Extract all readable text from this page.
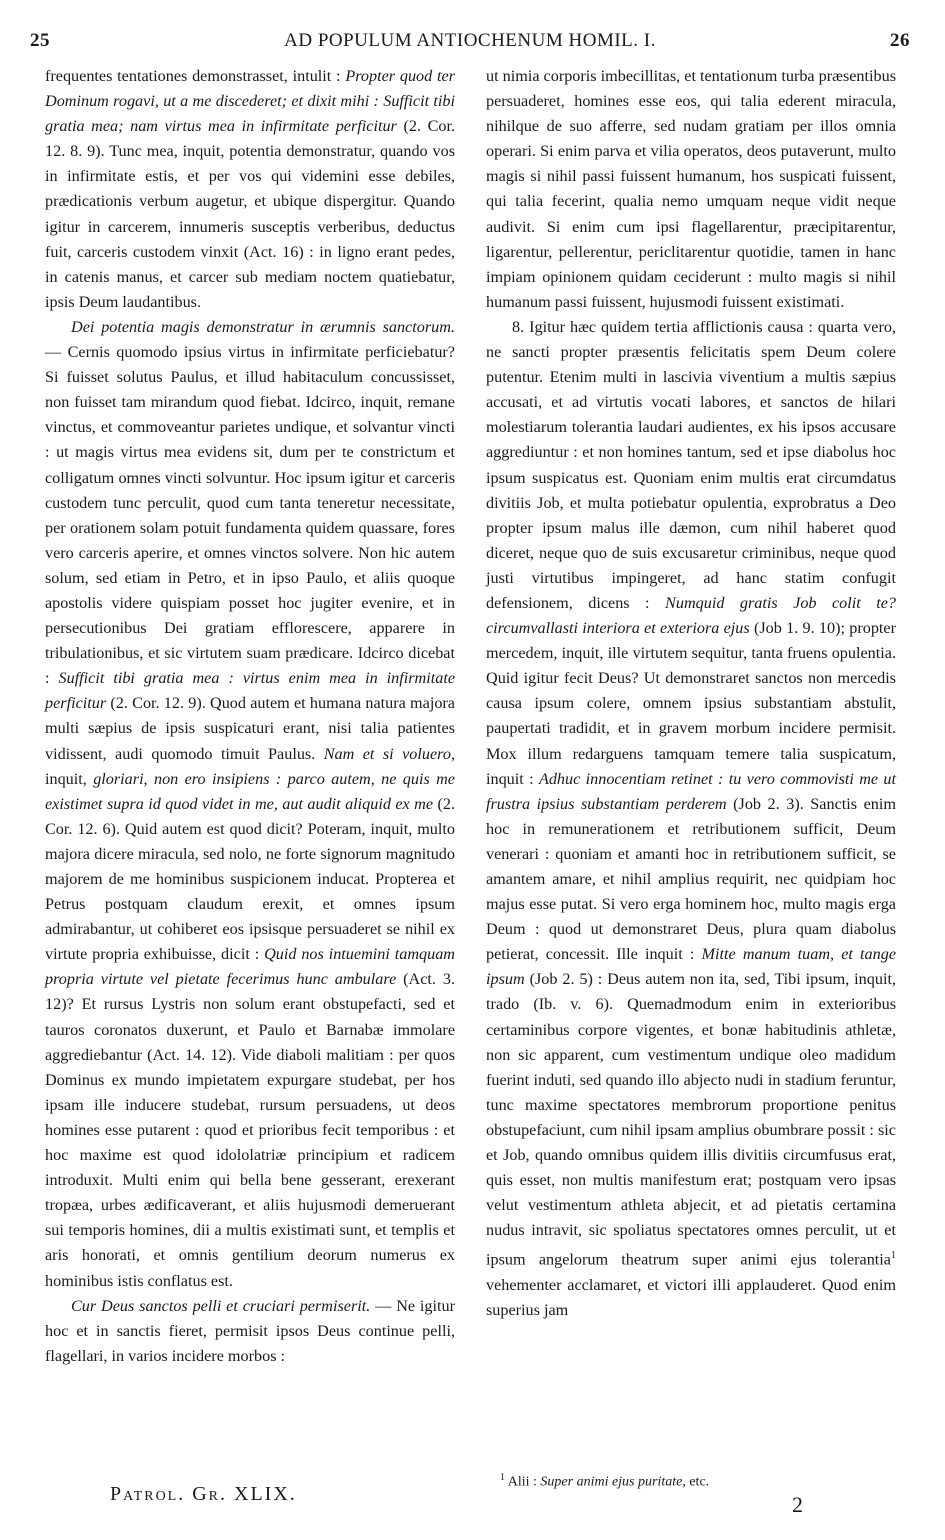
25	AD POPULUM ANTIOCHENUM HOMIL. I.	26

frequentes tentationes demonstrasset, intulit : Propter quod ter Dominum rogavi, ut a me discederet; et dixit mihi : Sufficit tibi gratia mea; nam virtus mea in infirmitate perficitur (2. Cor. 12. 8. 9). Tunc mea, inquit, potentia demonstratur, quando vos in infirmitate estis, et per vos qui videmini esse debiles, prædicationis verbum augetur, et ubique dispergitur. Quando igitur in carcerem, innumeris susceptis verberibus, deductus fuit, carceris custodem vinxit (Act. 16) : in ligno erant pedes, in catenis manus, et carcer sub mediam noctem quatiebatur, ipsis Deum laudantibus.

Dei potentia magis demonstratur in ærumnis sanctorum. — Cernis quomodo ipsius virtus in infirmitate perficiebatur? Si fuisset solutus Paulus, et illud habitaculum concussisset, non fuisset tam mirandum quod fiebat. Idcirco, inquit, remane vinctus, et commoveantur parietes undique, et solvantur vincti : ut magis virtus mea evidens sit, dum per te constrictum et colligatum omnes vincti solvuntur. Hoc ipsum igitur et carceris custodem tunc perculit, quod cum tanta teneretur necessitate, per orationem solam potuit fundamenta quidem quassare, fores vero carceris aperire, et omnes vinctos solvere. Non hic autem solum, sed etiam in Petro, et in ipso Paulo, et aliis quoque apostolis videre quispiam posset hoc jugiter evenire, et in persecutionibus Dei gratiam efflorescere, apparere in tribulationibus, et sic virtutem suam prædicare. Idcirco dicebat : Sufficit tibi gratia mea : virtus enim mea in infirmitate perficitur (2. Cor. 12. 9). Quod autem et humana natura majora multi sæpius de ipsis suspicaturi erant, nisi talia patientes vidissent, audi quomodo timuit Paulus. Nam et si voluero, inquit, gloriari, non ero insipiens : parco autem, ne quis me existimet supra id quod videt in me, aut audit aliquid ex me (2. Cor. 12. 6). Quid autem est quod dicit? Poteram, inquit, multo majora dicere miracula, sed nolo, ne forte signorum magnitudo majorem de me hominibus suspicionem inducat. Propterea et Petrus postquam claudum erexit, et omnes ipsum admirabantur, ut cohiberet eos ipsisque persuaderet se nihil ex virtute propria exhibuisse, dicit : Quid nos intuemini tamquam propria virtute vel pietate fecerimus hunc ambulare (Act. 3. 12)? Et rursus Lystris non solum erant obstupefacti, sed et tauros coronatos duxerunt, et Paulo et Barnabæ immolare aggrediebantur (Act. 14. 12). Vide diaboli malitiam : per quos Dominus ex mundo impietatem expurgare studebat, per hos ipsam ille inducere studebat, rursum persuadens, ut deos homines esse putarent : quod et prioribus fecit temporibus : et hoc maxime est quod idololatriæ principium et radicem introduxit. Multi enim qui bella bene gesserant, erexerant tropæa, urbes ædificaverant, et aliis hujusmodi demeruerant sui temporis homines, dii a multis existimati sunt, et templis et aris honorati, et omnis gentilium deorum numerus ex hominibus istis conflatus est.

Cur Deus sanctos pelli et cruciari permiserit. — Ne igitur hoc et in sanctis fieret, permisit ipsos Deus continue pelli, flagellari, in varios incidere morbos :

ut nimia corporis imbecillitas, et tentationum turba præsentibus persuaderet, homines esse eos, qui talia ederent miracula, nihilque de suo afferre, sed nudam gratiam per illos omnia operari. Si enim parva et vilia operatos, deos putaverunt, multo magis si nihil passi fuissent humanum, hos suspicati fuissent, qui talia fecerint, qualia nemo umquam neque vidit neque audivit. Si enim cum ipsi flagellarentur, præcipitarentur, ligarentur, pellerentur, periclitarentur quotidie, tamen in hanc impiam opinionem quidam ceciderunt : multo magis si nihil humanum passi fuissent, hujusmodi fuissent existimati.

8. Igitur hæc quidem tertia afflictionis causa : quarta vero, ne sancti propter præsentis felicitatis spem Deum colere putentur. Etenim multi in lascivia viventium a multis sæpius accusati, et ad virtutis vocati labores, et sanctos de hilari molestiarum tolerantia laudari audientes, ex his ipsos accusare aggrediuntur : et non homines tantum, sed et ipse diabolus hoc ipsum suspicatus est. Quoniam enim multis erat circumdatus divitiis Job, et multa potiebatur opulentia, exprobratus a Deo propter ipsum malus ille dæmon, cum nihil haberet quod diceret, neque quo de suis excusaretur criminibus, neque quod justi virtutibus impingeret, ad hanc statim confugit defensionem, dicens : Numquid gratis Job colit te? circumvallasti interiora et exteriora ejus (Job 1. 9. 10); propter mercedem, inquit, ille virtutem sequitur, tanta fruens opulentia. Quid igitur fecit Deus? Ut demonstraret sanctos non mercedis causa ipsum colere, omnem ipsius substantiam abstulit, paupertati tradidit, et in gravem morbum incidere permisit. Mox illum redarguens tamquam temere talia suspicatum, inquit : Adhuc innocentiam retinet : tu vero commovisti me ut frustra ipsius substantiam perderem (Job 2. 3). Sanctis enim hoc in remunerationem et retributionem sufficit, Deum venerari : quoniam et amanti hoc in retributionem sufficit, se amantem amare, et nihil amplius requirit, nec quidpiam hoc majus esse putat. Si vero erga hominem hoc, multo magis erga Deum : quod ut demonstraret Deus, plura quam diabolus petierat, concessit. Ille inquit : Mitte manum tuam, et tange ipsum (Job 2. 5) : Deus autem non ita, sed, Tibi ipsum, inquit, trado (Ib. v. 6). Quemadmodum enim in exterioribus certaminibus corpore vigentes, et bonæ habitudinis athletæ, non sic apparent, cum vestimentum undique oleo madidum fuerint induti, sed quando illo abjecto nudi in stadium feruntur, tunc maxime spectatores membrorum proportione penitus obstupefaciunt, cum nihil ipsam amplius obumbrare possit : sic et Job, quando omnibus quidem illis divitiis circumfusus erat, quis esset, non multis manifestum erat; postquam vero ipsas velut vestimentum athleta abjecit, et ad pietatis certamina nudus intravit, sic spoliatus spectatores omnes perculit, ut et ipsum angelorum theatrum super animi ejus tolerantia$^1$ vehementer acclamaret, et victori illi applauderet. Quod enim superius jam

$^1$ Alii : Super animi ejus puritate, etc.
Patrol. Gr. XLIX.	2
